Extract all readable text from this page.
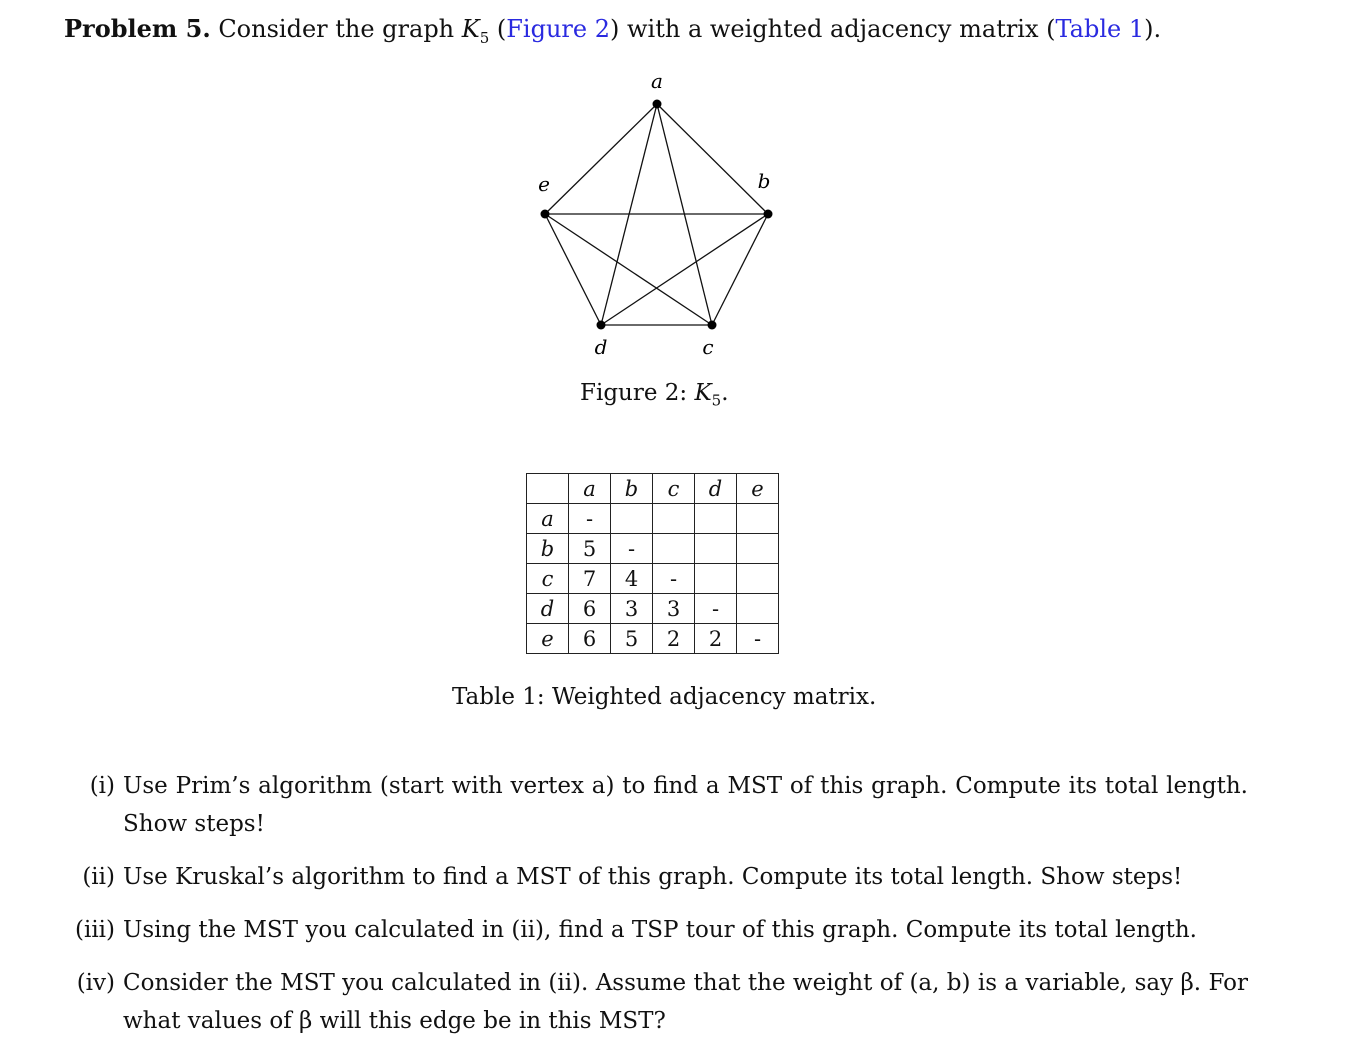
Problem 5. Consider the graph $K_5$ (Figure 2) with a weighted adjacency matrix (Table 1).
a
b
c
d
e
Figure 2: $K_5$.
	a	b	c	d	e
a	-				
b	5	-			
c	7	4	-		
d	6	3	3	-	
e	6	5	2	2	-
Table 1: Weighted adjacency matrix.
(i) Use Prim’s algorithm (start with vertex a) to find a MST of this graph. Compute its total length. Show steps!
(ii) Use Kruskal’s algorithm to find a MST of this graph. Compute its total length. Show steps!
(iii) Using the MST you calculated in (ii), find a TSP tour of this graph. Compute its total length.
(iv) Consider the MST you calculated in (ii). Assume that the weight of (a, b) is a variable, say β. For what values of β will this edge be in this MST?
